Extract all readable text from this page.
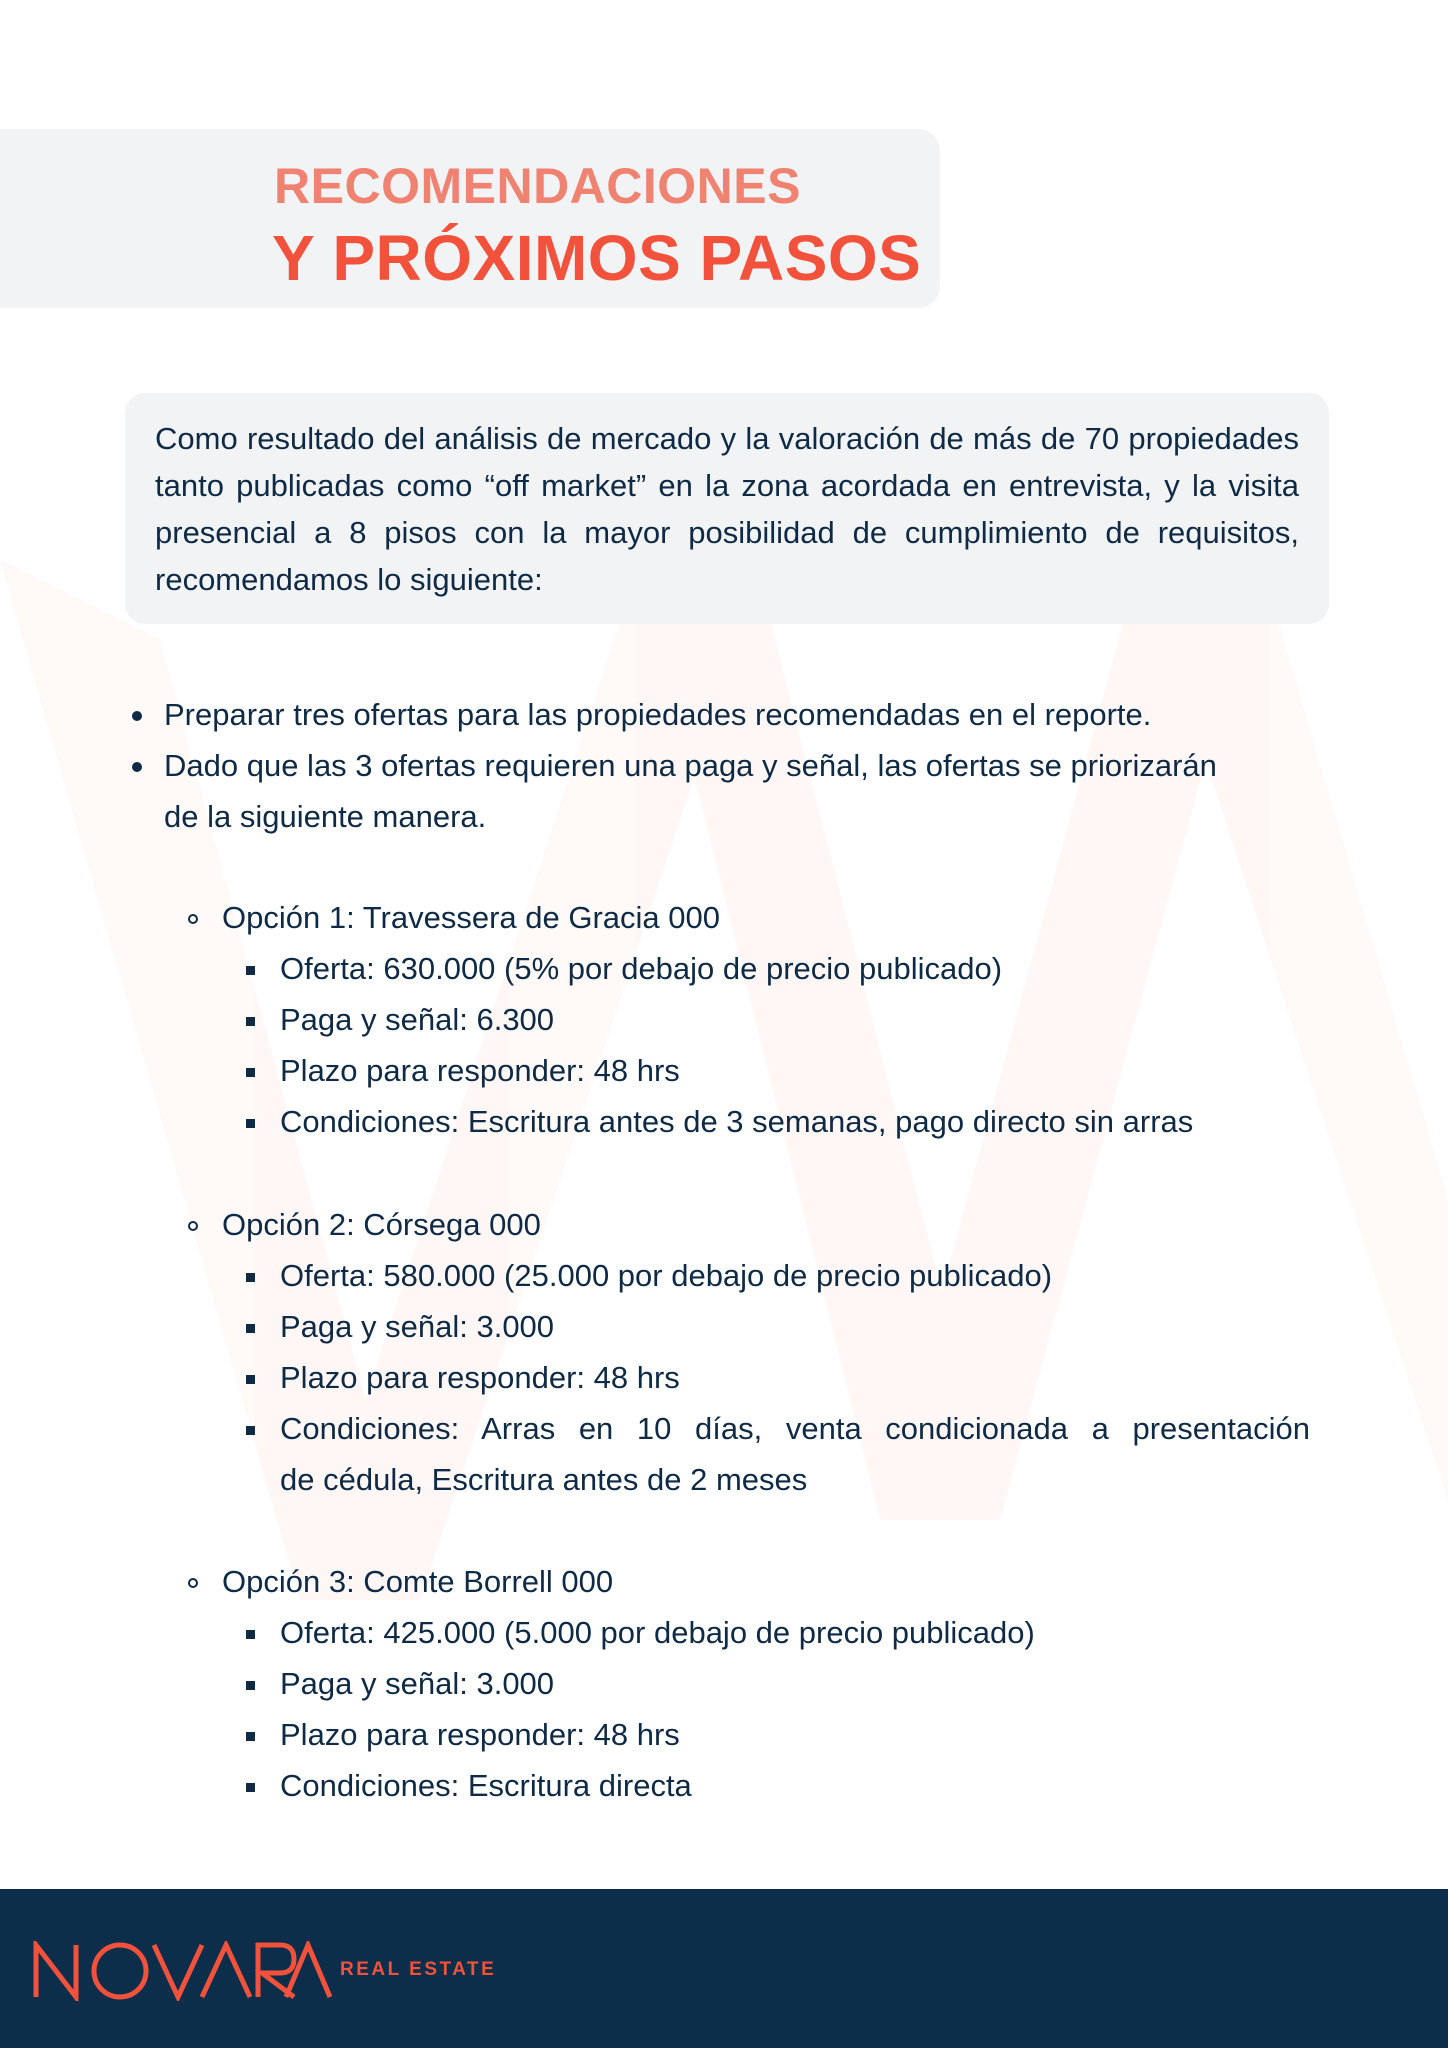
RECOMENDACIONES
Y PRÓXIMOS PASOS

Como resultado del análisis de mercado y la valoración de más de 70 propiedades tanto publicadas como “off market” en la zona acordada en entrevista, y la visita presencial a 8 pisos con la mayor posibilidad de cumplimiento de requisitos, recomendamos lo siguiente:

Preparar tres ofertas para las propiedades recomendadas en el reporte.
Dado que las 3 ofertas requieren una paga y señal, las ofertas se priorizarán
de la siguiente manera.
Opción 1: Travessera de Gracia 000
Oferta: 630.000 (5% por debajo de precio publicado)
Paga y señal: 6.300
Plazo para responder: 48 hrs
Condiciones: Escritura antes de 3 semanas, pago directo sin arras
Opción 2: Córsega 000
Oferta: 580.000 (25.000 por debajo de precio publicado)
Paga y señal: 3.000
Plazo para responder: 48 hrs
Condiciones: Arras en 10 días, venta condicionada a presentación
de cédula, Escritura antes de 2 meses
Opción 3: Comte Borrell 000
Oferta: 425.000 (5.000 por debajo de precio publicado)
Paga y señal: 3.000
Plazo para responder: 48 hrs
Condiciones: Escritura directa
REAL ESTATE
